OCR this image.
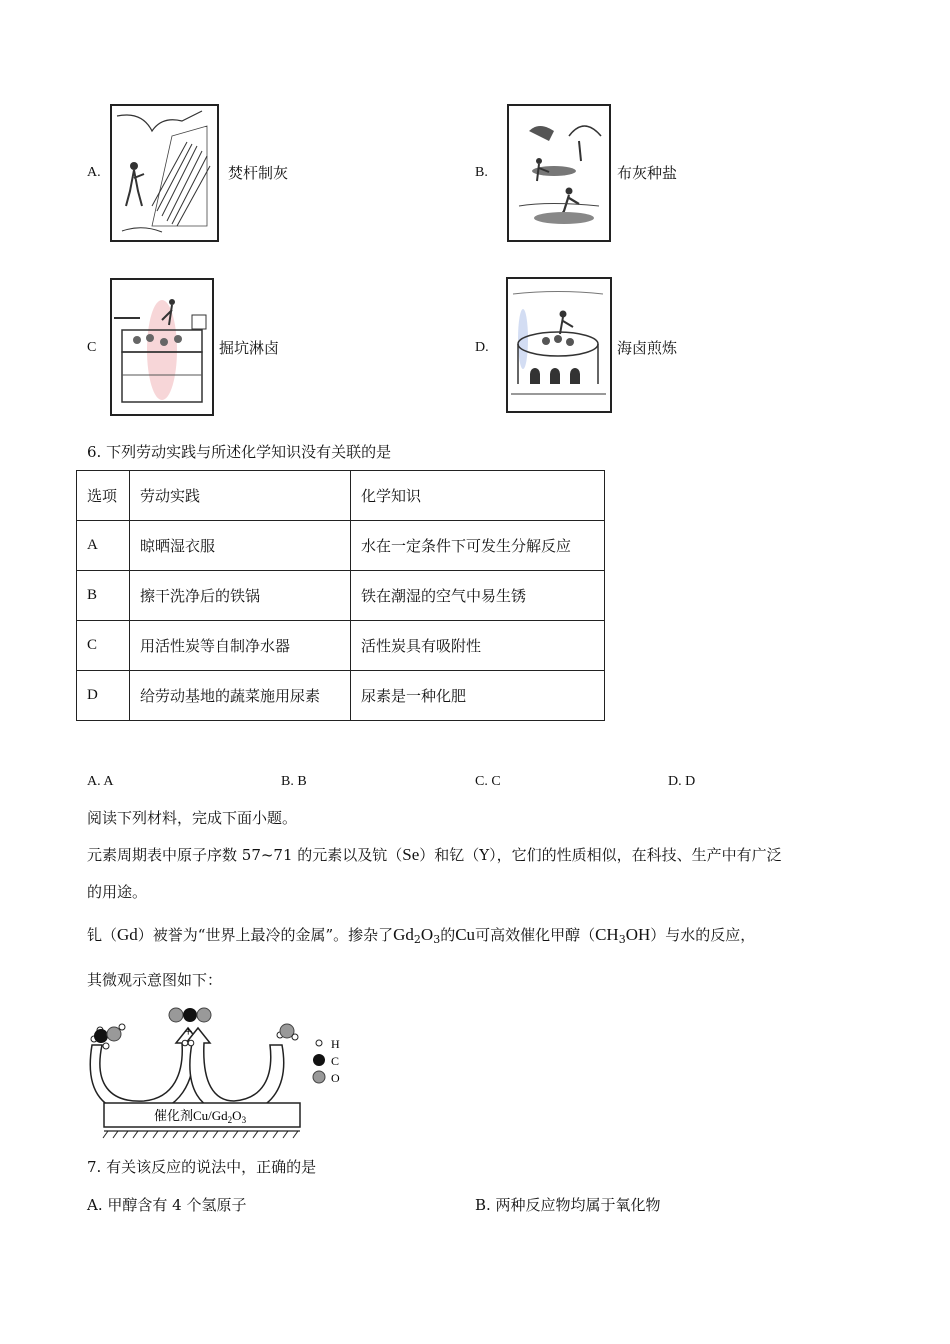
A.	焚杆制灰	B.	布灰种盐
C	掘坑淋卤	D.	海卤煎炼
6. 下列劳动实践与所述化学知识没有关联的是
选项	劳动实践	化学知识
A	晾晒湿衣服	水在一定条件下可发生分解反应
B	擦干洗净后的铁锅	铁在潮湿的空气中易生锈
C	用活性炭等自制净水器	活性炭具有吸附性
D	给劳动基地的蔬菜施用尿素	尿素是一种化肥
A. A	B. B	C. C	D. D
阅读下列材料，完成下面小题。
元素周期表中原子序数 57~71 的元素以及钪（Se）和钇（Y），它们的性质相似，在科技、生产中有广泛
的用途。
钆（Gd）被誉为“世界上最冷的金属”。掺杂了$Gd_2O_3$的Cu可高效催化甲醇$(CH_3OH)$与水的反应，
其微观示意图如下：
+
H
C
O
催化剂$Cu/Gd_2O_3$
7. 有关该反应的说法中，正确的是
A. 甲醇含有 4 个氢原子	B. 两种反应物均属于氧化物
